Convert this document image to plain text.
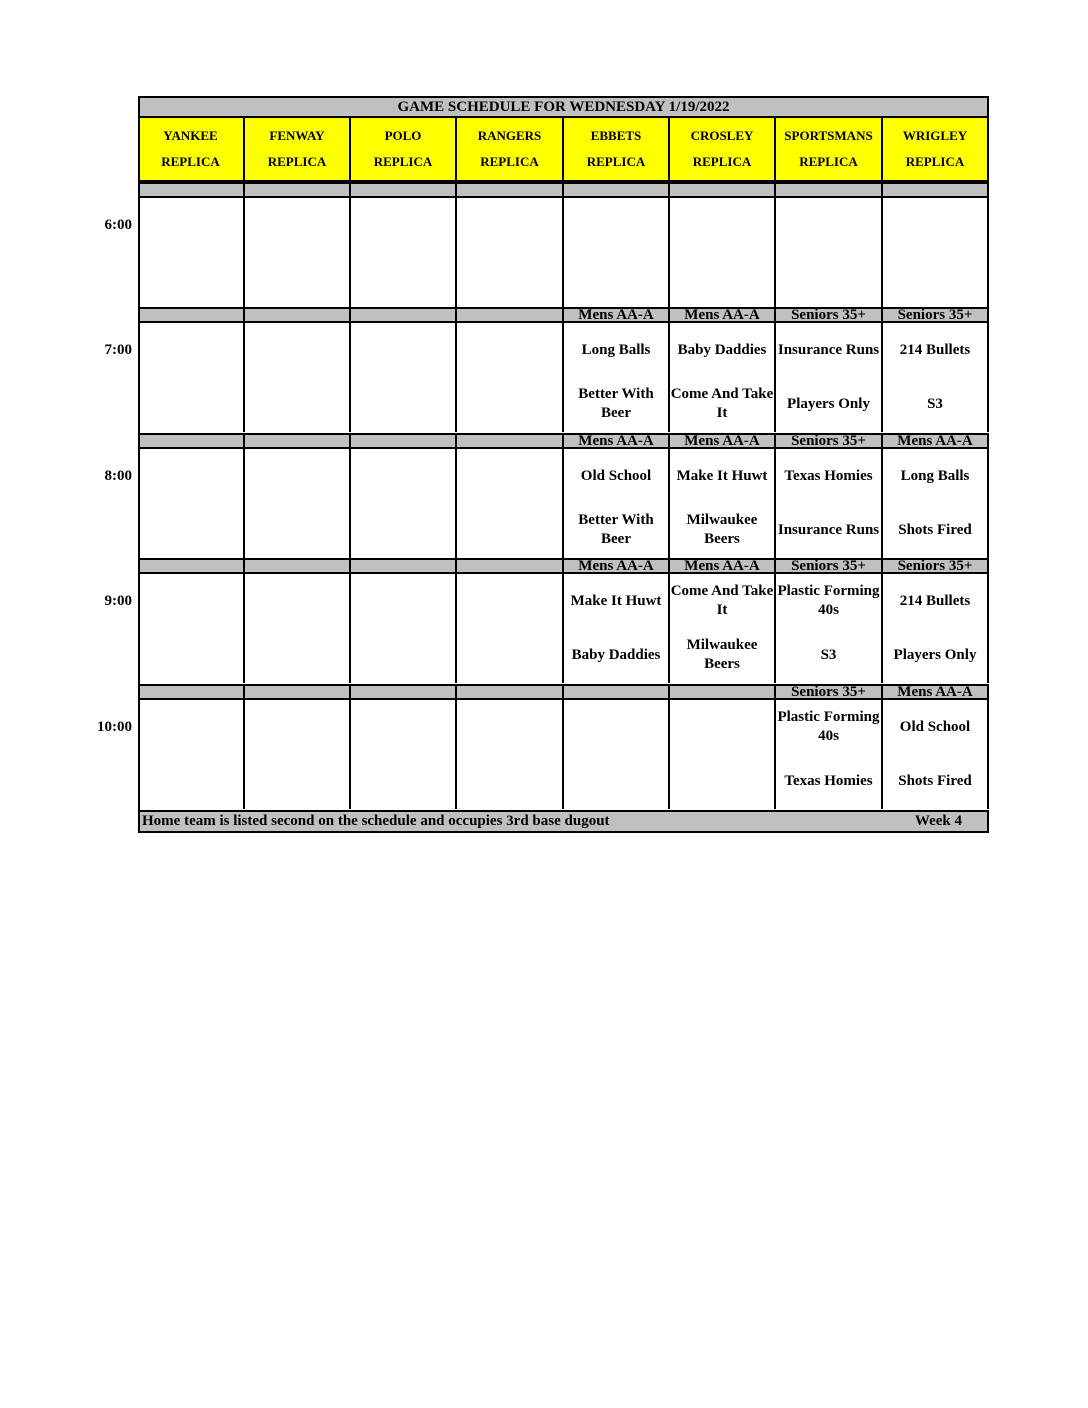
GAME SCHEDULE FOR WEDNESDAY 1/19/2022
Home team is listed second on the schedule and occupies 3rd base dugout	Week 4
YANKEE
REPLICA
FENWAY
REPLICA
POLO
REPLICA
RANGERS
REPLICA
EBBETS
REPLICA
CROSLEY
REPLICA
SPORTSMANS
REPLICA
WRIGLEY
REPLICA
6:00
Mens AA-A
Long Balls
Better With Beer
Mens AA-A
Baby Daddies
Come And Take It
Seniors 35+
Insurance Runs
Players Only
Seniors 35+
214 Bullets
S3
7:00
Mens AA-A
Old School
Better With Beer
Mens AA-A
Make It Huwt
Milwaukee Beers
Seniors 35+
Texas Homies
Insurance Runs
Mens AA-A
Long Balls
Shots Fired
8:00
Mens AA-A
Make It Huwt
Baby Daddies
Mens AA-A
Come And Take It
Milwaukee Beers
Seniors 35+
Plastic Forming 40s
S3
Seniors 35+
214 Bullets
Players Only
9:00
Seniors 35+
Plastic Forming 40s
Texas Homies
Mens AA-A
Old School
Shots Fired
10:00
